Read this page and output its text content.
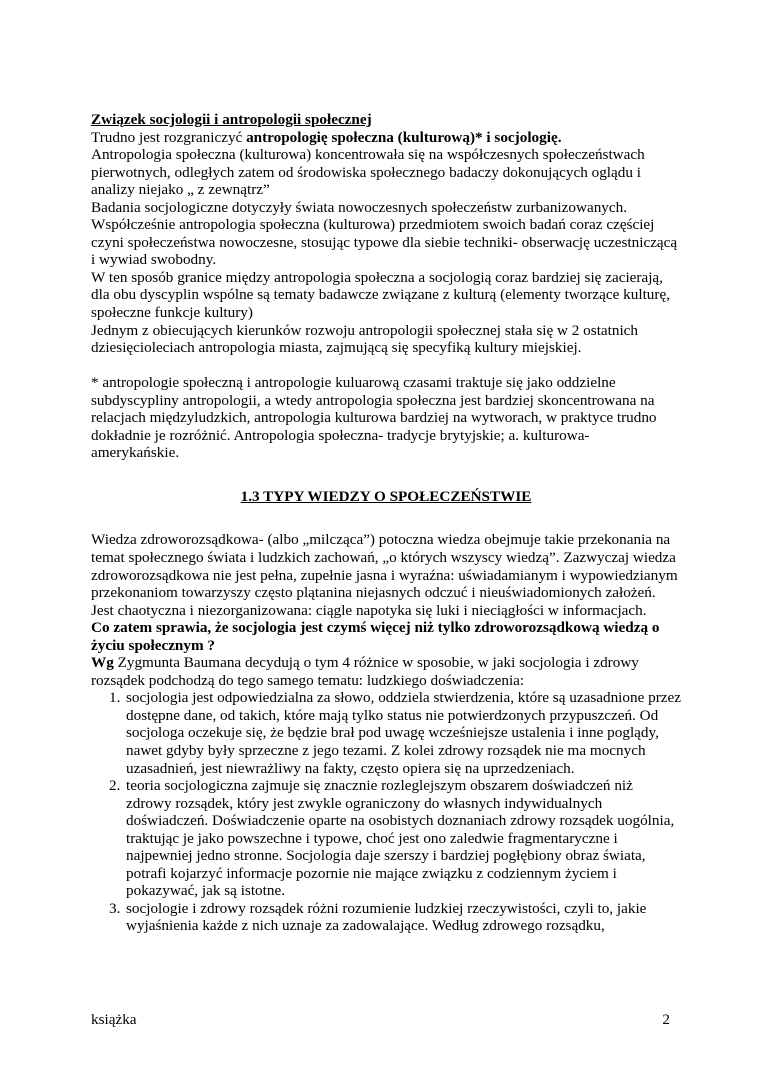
Związek socjologii i antropologii społecznej

Trudno jest rozgraniczyć antropologię społeczna (kulturową)* i socjologię.

Antropologia społeczna (kulturowa) koncentrowała się na współczesnych społeczeństwach pierwotnych, odległych zatem od środowiska społecznego badaczy dokonujących oglądu i analizy niejako „ z zewnątrz”

Badania socjologiczne dotyczyły świata nowoczesnych społeczeństw zurbanizowanych.

Współcześnie antropologia społeczna (kulturowa) przedmiotem swoich badań coraz częściej czyni społeczeństwa nowoczesne, stosując typowe dla siebie techniki- obserwację uczestniczącą i wywiad swobodny.

W ten sposób granice między antropologia społeczna a socjologią coraz bardziej się zacierają, dla obu dyscyplin wspólne są tematy badawcze związane z kulturą (elementy tworzące kulturę, społeczne funkcje kultury)

Jednym z obiecujących kierunków rozwoju antropologii społecznej stała się w 2 ostatnich dziesięcioleciach antropologia miasta, zajmującą się specyfiką kultury miejskiej.

* antropologie społeczną i antropologie kuluarową czasami traktuje się jako oddzielne subdyscypliny antropologii, a wtedy antropologia społeczna jest bardziej skoncentrowana na relacjach międzyludzkich, antropologia kulturowa bardziej na wytworach, w praktyce trudno dokładnie je rozróżnić. Antropologia społeczna- tradycje brytyjskie; a. kulturowa- amerykańskie.

1.3 TYPY WIEDZY O SPOŁECZEŃSTWIE

Wiedza zdroworozsądkowa- (albo „milcząca”) potoczna wiedza obejmuje takie przekonania na temat społecznego świata i ludzkich zachowań, „o których wszyscy wiedzą”. Zazwyczaj wiedza zdroworozsądkowa nie jest pełna, zupełnie jasna i wyraźna: uświadamianym i wypowiedzianym przekonaniom towarzyszy często plątanina niejasnych odczuć i nieuświadomionych założeń. Jest chaotyczna i niezorganizowana: ciągle napotyka się luki i nieciągłości w informacjach.

Co zatem sprawia, że socjologia jest czymś więcej niż tylko zdroworozsądkową wiedzą o życiu społecznym ?

Wg Zygmunta Baumana decydują o tym 4 różnice w sposobie, w jaki socjologia i zdrowy rozsądek podchodzą do tego samego tematu: ludzkiego doświadczenia:

1. socjologia jest odpowiedzialna za słowo, oddziela stwierdzenia, które są uzasadnione przez dostępne dane, od takich, które mają tylko status nie potwierdzonych przypuszczeń. Od socjologa oczekuje się, że będzie brał pod uwagę wcześniejsze ustalenia i inne poglądy, nawet gdyby były sprzeczne z jego tezami. Z kolei zdrowy rozsądek nie ma mocnych uzasadnień, jest niewrażliwy na fakty, często opiera się na uprzedzeniach.
2. teoria socjologiczna zajmuje się znacznie rozleglejszym obszarem doświadczeń niż zdrowy rozsądek, który jest zwykle ograniczony do własnych indywidualnych doświadczeń. Doświadczenie oparte na osobistych doznaniach zdrowy rozsądek uogólnia, traktując je jako powszechne i typowe, choć jest ono zaledwie fragmentaryczne i najpewniej jedno stronne. Socjologia daje szerszy i bardziej pogłębiony obraz świata, potrafi kojarzyć informacje pozornie nie mające związku z codziennym życiem i pokazywać, jak są istotne.
3. socjologie i zdrowy rozsądek różni rozumienie ludzkiej rzeczywistości, czyli to, jakie wyjaśnienia każde z nich uznaje za zadowalające. Według zdrowego rozsądku,
książka	2
